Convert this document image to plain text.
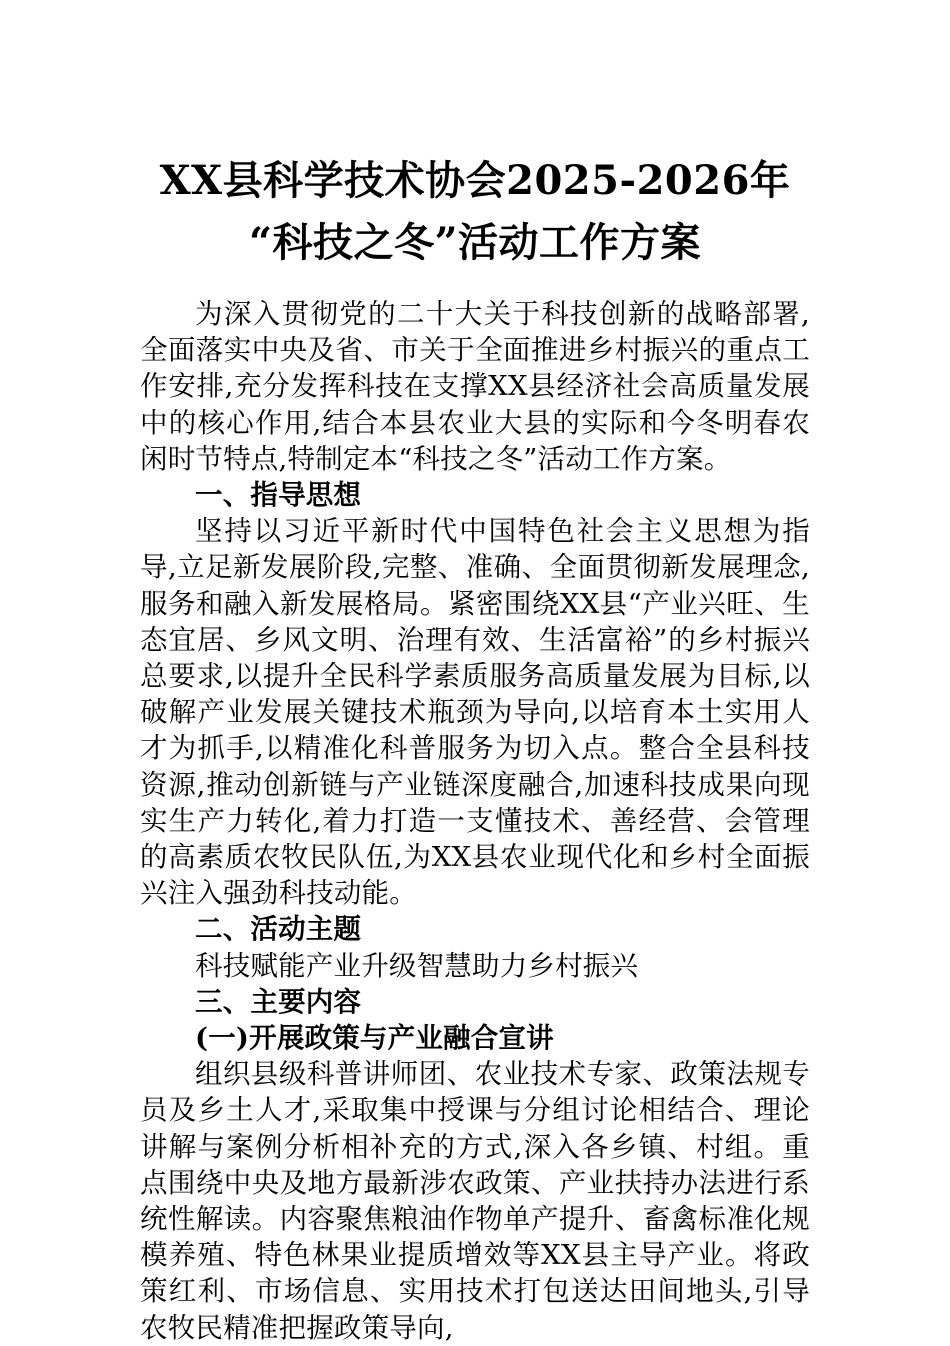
XX县科学技术协会2025-2026年“科技之冬”活动工作方案

为深入贯彻党的二十大关于科技创新的战略部署,全面落实中央及省、市关于全面推进乡村振兴的重点工作安排,充分发挥科技在支撑XX县经济社会高质量发展中的核心作用,结合本县农业大县的实际和今冬明春农闲时节特点,特制定本“科技之冬”活动工作方案。

一、指导思想

坚持以习近平新时代中国特色社会主义思想为指导,立足新发展阶段,完整、准确、全面贯彻新发展理念,服务和融入新发展格局。紧密围绕XX县“产业兴旺、生态宜居、乡风文明、治理有效、生活富裕”的乡村振兴总要求,以提升全民科学素质服务高质量发展为目标,以破解产业发展关键技术瓶颈为导向,以培育本土实用人才为抓手,以精准化科普服务为切入点。整合全县科技资源,推动创新链与产业链深度融合,加速科技成果向现实生产力转化,着力打造一支懂技术、善经营、会管理的高素质农牧民队伍,为XX县农业现代化和乡村全面振兴注入强劲科技动能。

二、活动主题

科技赋能产业升级智慧助力乡村振兴

三、主要内容
(一)开展政策与产业融合宣讲

组织县级科普讲师团、农业技术专家、政策法规专员及乡土人才,采取集中授课与分组讨论相结合、理论讲解与案例分析相补充的方式,深入各乡镇、村组。重点围绕中央及地方最新涉农政策、产业扶持办法进行系统性解读。内容聚焦粮油作物单产提升、畜禽标准化规模养殖、特色林果业提质增效等XX县主导产业。将政策红利、市场信息、实用技术打包送达田间地头,引导农牧民精准把握政策导向,
